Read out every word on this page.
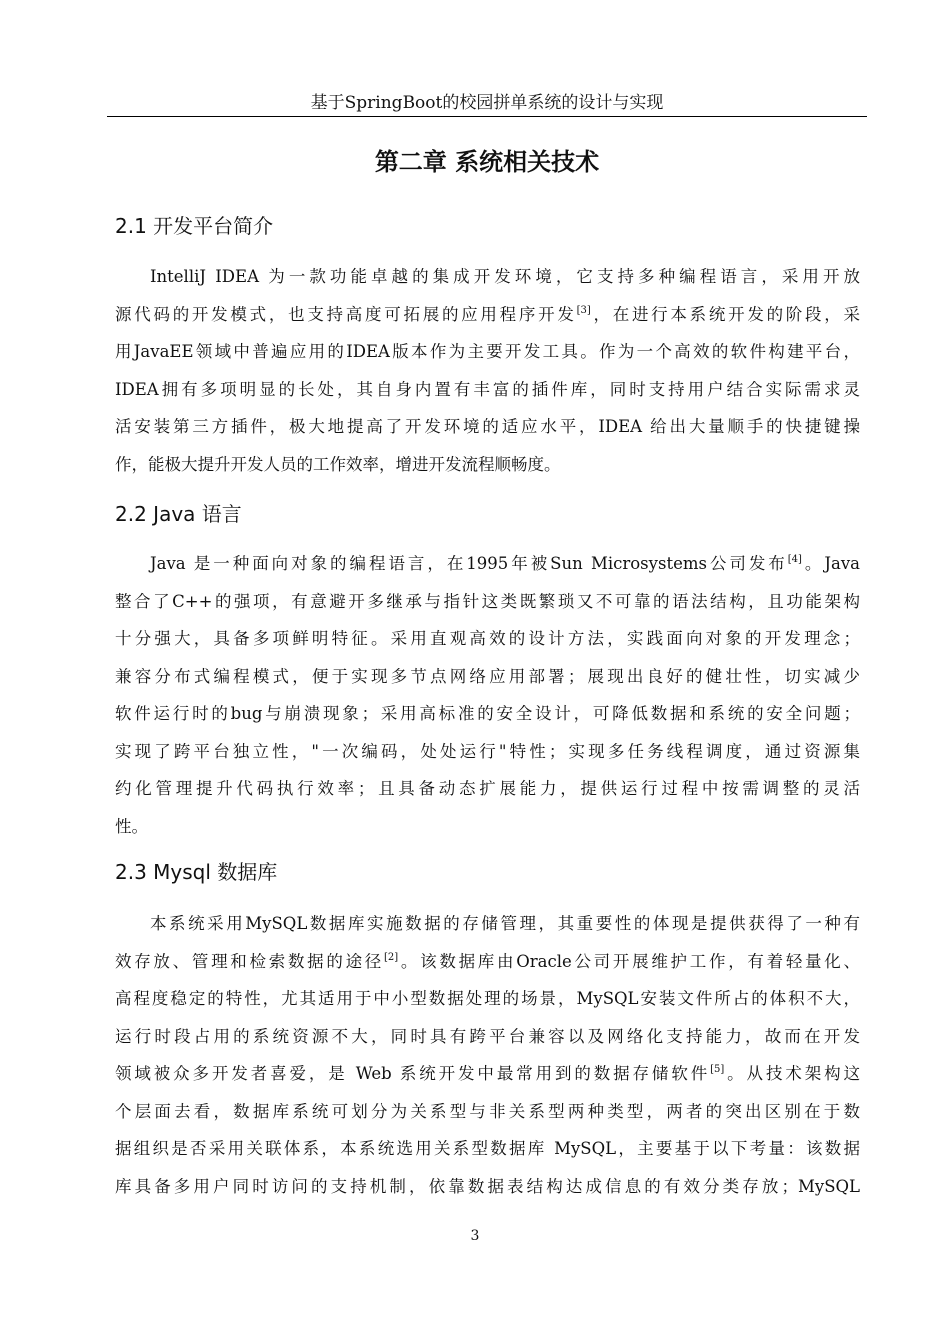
基于SpringBoot的校园拼单系统的设计与实现
第二章 系统相关技术
2.1 开发平台简介
IntelliJ IDEA 为一款功能卓越的集成开发环境，它支持多种编程语言，采用开放
源代码的开发模式，也支持高度可拓展的应用程序开发[3]，在进行本系统开发的阶段，采
用JavaEE领域中普遍应用的IDEA版本作为主要开发工具。作为一个高效的软件构建平台，
IDEA拥有多项明显的长处，其自身内置有丰富的插件库，同时支持用户结合实际需求灵
活安装第三方插件，极大地提高了开发环境的适应水平，IDEA 给出大量顺手的快捷键操
作，能极大提升开发人员的工作效率，增进开发流程顺畅度。
2.2 Java 语言
Java 是一种面向对象的编程语言，在1995年被Sun Microsystems公司发布[4]。Java
整合了C++的强项，有意避开多继承与指针这类既繁琐又不可靠的语法结构，且功能架构
十分强大，具备多项鲜明特征。采用直观高效的设计方法，实践面向对象的开发理念；
兼容分布式编程模式，便于实现多节点网络应用部署；展现出良好的健壮性，切实减少
软件运行时的bug与崩溃现象；采用高标准的安全设计，可降低数据和系统的安全问题；
实现了跨平台独立性，"一次编码，处处运行"特性；实现多任务线程调度，通过资源集
约化管理提升代码执行效率；且具备动态扩展能力，提供运行过程中按需调整的灵活
性。
2.3 Mysql 数据库
本系统采用MySQL数据库实施数据的存储管理，其重要性的体现是提供获得了一种有
效存放、管理和检索数据的途径[2]。该数据库由Oracle公司开展维护工作，有着轻量化、
高程度稳定的特性，尤其适用于中小型数据处理的场景，MySQL安装文件所占的体积不大，
运行时段占用的系统资源不大，同时具有跨平台兼容以及网络化支持能力，故而在开发
领域被众多开发者喜爱，是 Web 系统开发中最常用到的数据存储软件[5]。从技术架构这
个层面去看，数据库系统可划分为关系型与非关系型两种类型，两者的突出区别在于数
据组织是否采用关联体系，本系统选用关系型数据库 MySQL，主要基于以下考量：该数据
库具备多用户同时访问的支持机制，依靠数据表结构达成信息的有效分类存放；MySQL
3
